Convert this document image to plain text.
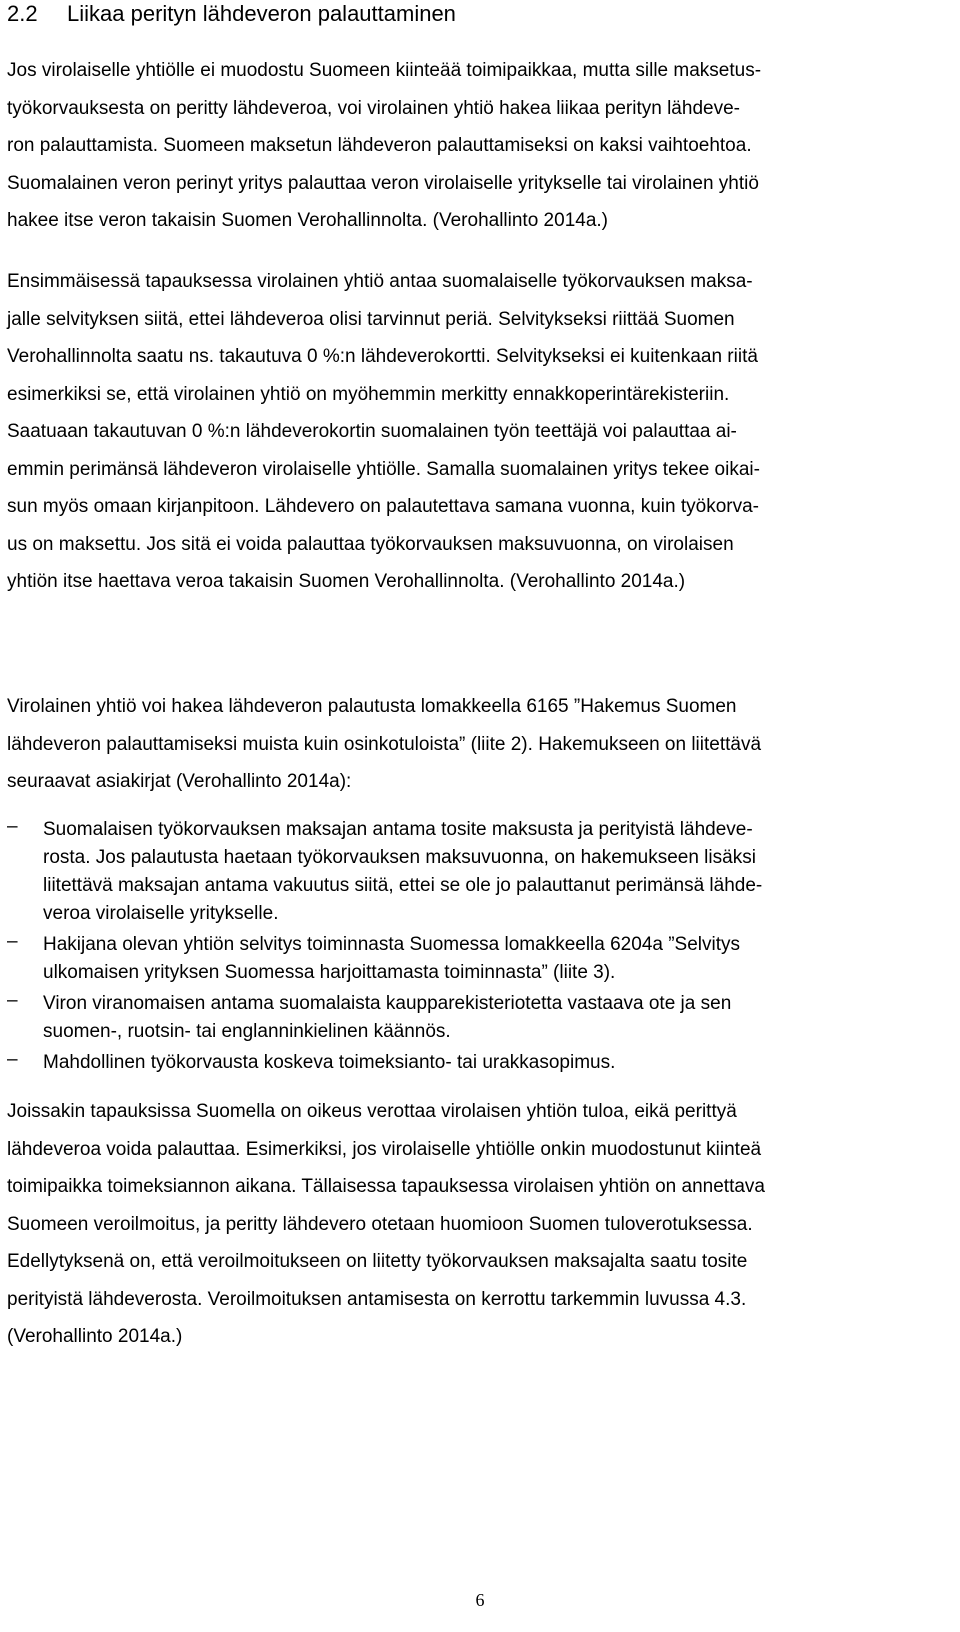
2.2 Liikaa perityn lähdeveron palauttaminen

Jos virolaiselle yhtiölle ei muodostu Suomeen kiinteää toimipaikkaa, mutta sille maksetus-
työkorvauksesta on peritty lähdeveroa, voi virolainen yhtiö hakea liikaa perityn lähdeve-
ron palauttamista. Suomeen maksetun lähdeveron palauttamiseksi on kaksi vaihtoehtoa.
Suomalainen veron perinyt yritys palauttaa veron virolaiselle yritykselle tai virolainen yhtiö
hakee itse veron takaisin Suomen Verohallinnolta. (Verohallinto 2014a.)

Ensimmäisessä tapauksessa virolainen yhtiö antaa suomalaiselle työkorvauksen maksa-
jalle selvityksen siitä, ettei lähdeveroa olisi tarvinnut periä. Selvitykseksi riittää Suomen
Verohallinnolta saatu ns. takautuva 0 %:n lähdeverokortti. Selvitykseksi ei kuitenkaan riitä
esimerkiksi se, että virolainen yhtiö on myöhemmin merkitty ennakkoperintärekisteriin.
Saatuaan takautuvan 0 %:n lähdeverokortin suomalainen työn teettäjä voi palauttaa ai-
emmin perimänsä lähdeveron virolaiselle yhtiölle. Samalla suomalainen yritys tekee oikai-
sun myös omaan kirjanpitoon. Lähdevero on palautettava samana vuonna, kuin työkorva-
us on maksettu. Jos sitä ei voida palauttaa työkorvauksen maksuvuonna, on virolaisen
yhtiön itse haettava veroa takaisin Suomen Verohallinnolta. (Verohallinto 2014a.)

Virolainen yhtiö voi hakea lähdeveron palautusta lomakkeella 6165 ”Hakemus Suomen
lähdeveron palauttamiseksi muista kuin osinkotuloista” (liite 2). Hakemukseen on liitettävä
seuraavat asiakirjat (Verohallinto 2014a):

– Suomalaisen työkorvauksen maksajan antama tosite maksusta ja perityistä lähdeve-
rosta. Jos palautusta haetaan työkorvauksen maksuvuonna, on hakemukseen lisäksi
liitettävä maksajan antama vakuutus siitä, ettei se ole jo palauttanut perimänsä lähde-
veroa virolaiselle yritykselle.
– Hakijana olevan yhtiön selvitys toiminnasta Suomessa lomakkeella 6204a ”Selvitys
ulkomaisen yrityksen Suomessa harjoittamasta toiminnasta” (liite 3).
– Viron viranomaisen antama suomalaista kaupparekisteriotetta vastaava ote ja sen
suomen-, ruotsin- tai englanninkielinen käännös.
– Mahdollinen työkorvausta koskeva toimeksianto- tai urakkasopimus.

Joissakin tapauksissa Suomella on oikeus verottaa virolaisen yhtiön tuloa, eikä perittyä
lähdeveroa voida palauttaa. Esimerkiksi, jos virolaiselle yhtiölle onkin muodostunut kiinteä
toimipaikka toimeksiannon aikana. Tällaisessa tapauksessa virolaisen yhtiön on annettava
Suomeen veroilmoitus, ja peritty lähdevero otetaan huomioon Suomen tuloverotuksessa.
Edellytyksenä on, että veroilmoitukseen on liitetty työkorvauksen maksajalta saatu tosite
perityistä lähdeverosta. Veroilmoituksen antamisesta on kerrottu tarkemmin luvussa 4.3.
(Verohallinto 2014a.)

6
